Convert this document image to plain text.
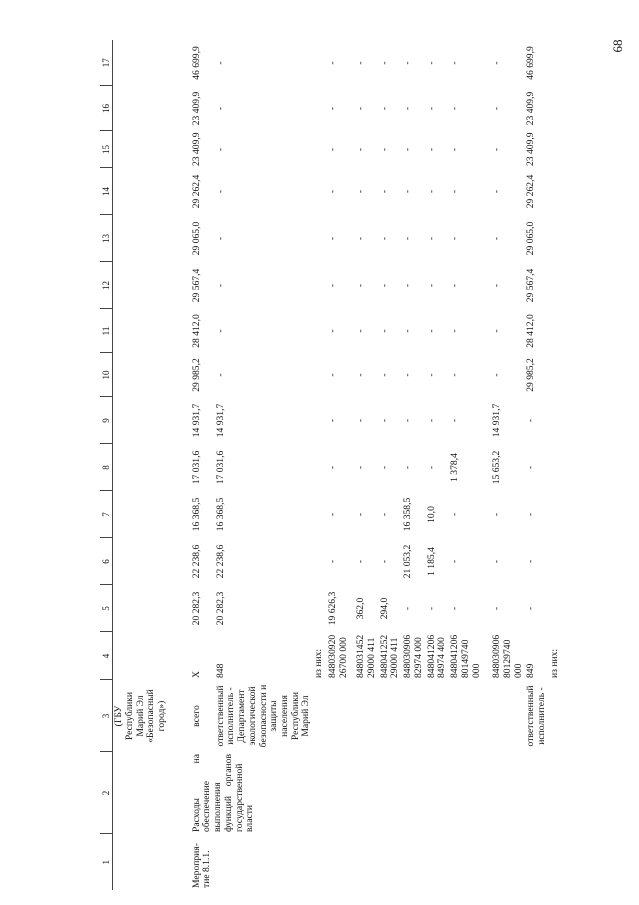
68
1	2	3	4	5	6	7	8	9	10	11	12	13	14	15	16	17
		(ГБУ Республики Марий Эл «Безопасный город»)														
Мероприя-тие 8.1.1.	Расходы на обеспечение выполнения функций органов государственной власти	всего	Х	20 282,3	22 238,6	16 368,5	17 031,6	14 931,7	29 985,2	28 412,0	29 567,4	29 065,0	29 262,4	23 409,9	23 409,9	46 699,9
		ответственный исполнитель - Департамент экологической безопасности и защиты населения Республики Марий Эл	848	20 282,3	22 238,6	16 368,5	17 031,6	14 931,7	-	-	-	-	-	-	-	-
			из них:													
			848030920 26700 000	19 626,3	-	-	-	-	-	-	-	-	-	-	-	-
			848031452 29000 411	362,0	-	-	-	-	-	-	-	-	-	-	-	-
			848041252 29000 411	294,0	-	-	-	-	-	-	-	-	-	-	-	-
			848030906 82974 000	-	21 053,2	16 358,5	-	-	-	-	-	-	-	-	-	-
			848041206 84974 400	-	1 185,4	10,0	-	-	-	-	-	-	-	-	-	-
			848041206 80149740 000	-	-	-	1 378,4	-	-	-	-	-	-	-	-	-
			848030906 80129740 000	-	-	-	15 653,2	14 931,7	-	-	-	-	-	-	-	-
		ответственный исполнитель -	849	-	-	-	-	-	29 985,2	28 412,0	29 567,4	29 065,0	29 262,4	23 409,9	23 409,9	46 699,9
			из них:													
